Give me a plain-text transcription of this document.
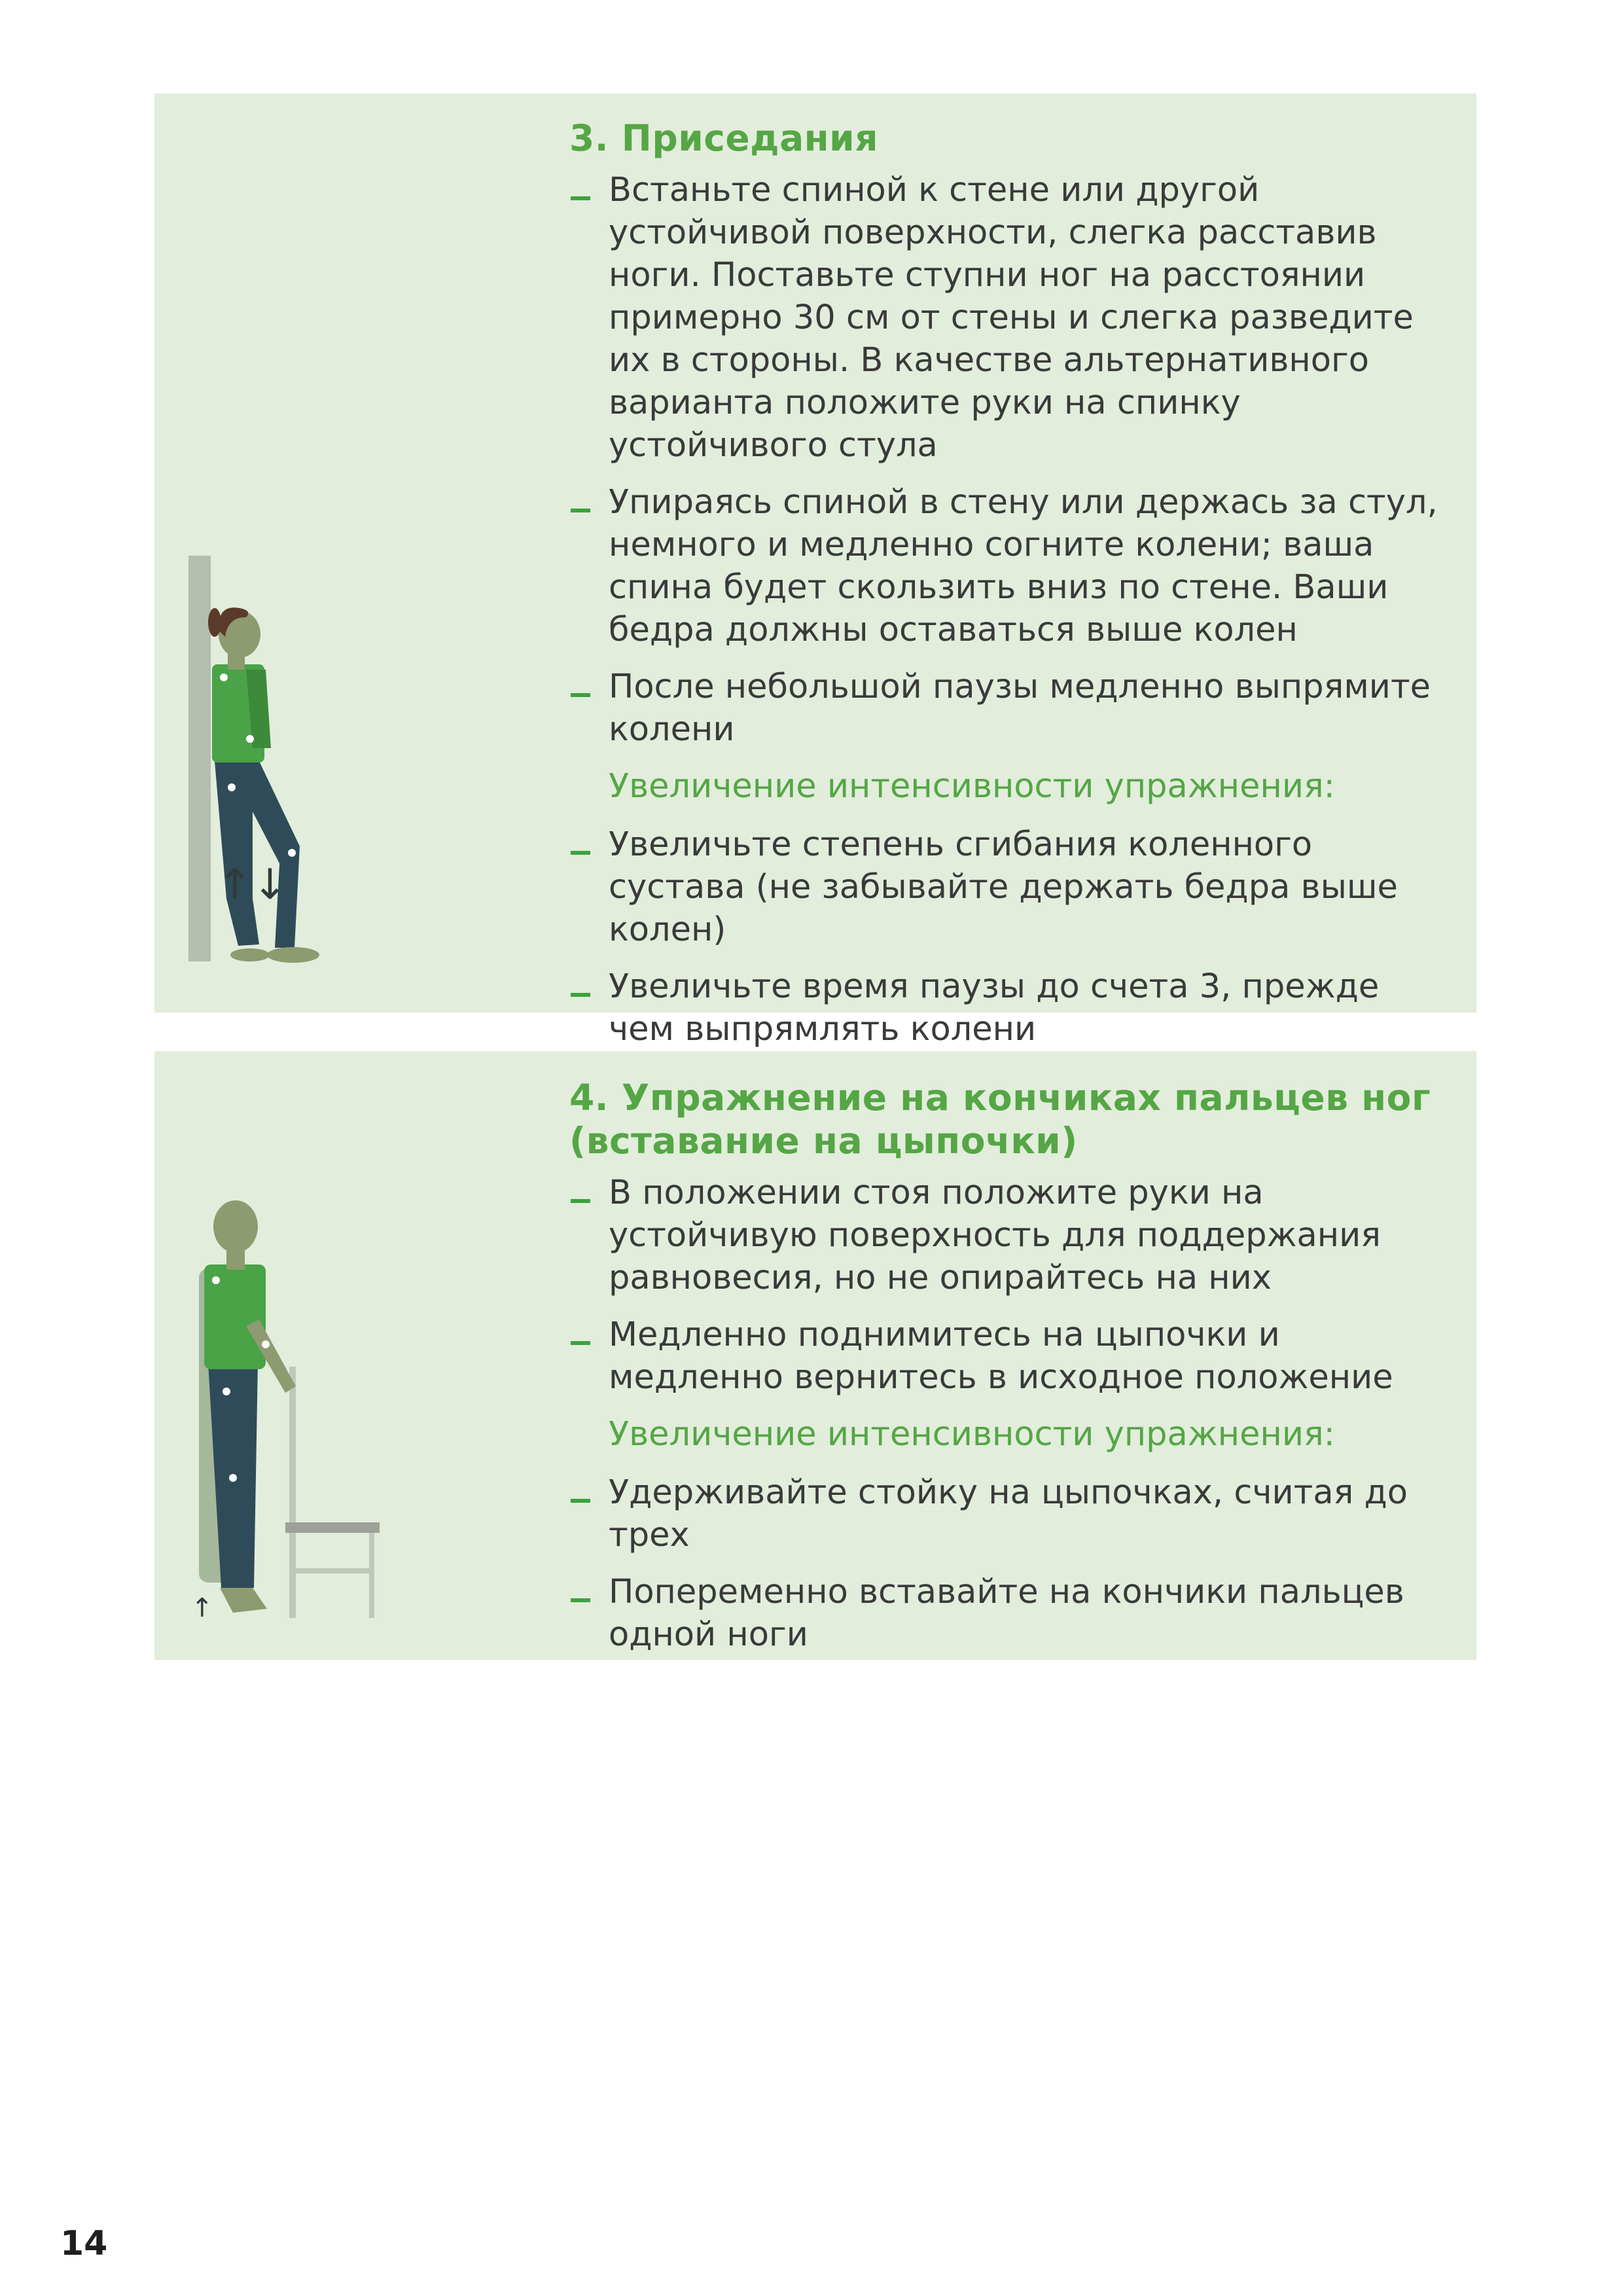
↑↓
3. Приседания
Встаньте спиной к стене или другой устойчивой поверхности, слегка расставив ноги. Поставьте ступни ног на расстоянии примерно 30 см от стены и слегка разведите их в стороны. В качестве альтернативного варианта положите руки на спинку устойчивого стула
Упираясь спиной в стену или держась за стул, немного и медленно согните колени; ваша спина будет скользить вниз по стене. Ваши бедра должны оставаться выше колен
После небольшой паузы медленно выпрямите колени
Увеличение интенсивности упражнения:
Увеличьте степень сгибания коленного сустава (не забывайте держать бедра выше колен)
Увеличьте время паузы до счета 3, прежде чем выпрямлять колени
↑
4. Упражнение на кончиках пальцев ног (вставание на цыпочки)
В положении стоя положите руки на устойчивую поверхность для поддержания равновесия, но не опирайтесь на них
Медленно поднимитесь на цыпочки и медленно вернитесь в исходное положение
Увеличение интенсивности упражнения:
Удерживайте стойку на цыпочках, считая до трех
Попеременно вставайте на кончики пальцев одной ноги
14
